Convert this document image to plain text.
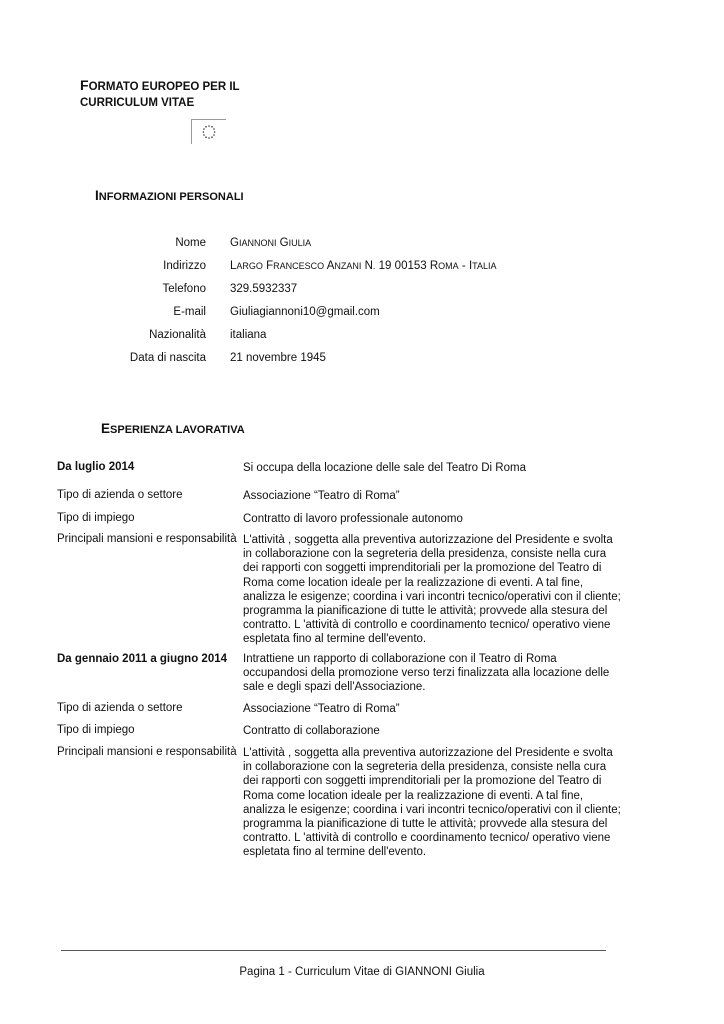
FORMATO EUROPEO PER IL
CURRICULUM VITAE
INFORMAZIONI PERSONALI
Nome GIANNONI GIULIA
Indirizzo LARGO FRANCESCO ANZANI N. 19 00153 ROMA - ITALIA
Telefono 329.5932337
E-mail Giuliagiannoni10@gmail.com
Nazionalità italiana
Data di nascita 21 novembre 1945
ESPERIENZA LAVORATIVA
Da luglio 2014	Si occupa della locazione delle sale del Teatro Di Roma
Tipo di azienda o settore	Associazione “Teatro di Roma”
Tipo di impiego	Contratto di lavoro professionale autonomo
Principali mansioni e responsabilità L'attività , soggetta alla preventiva autorizzazione del Presidente e svolta in collaborazione con la segreteria della presidenza, consiste nella cura dei rapporti con soggetti imprenditoriali per la promozione del Teatro di Roma come location ideale per la realizzazione di eventi. A tal fine, analizza le esigenze; coordina i vari incontri tecnico/operativi con il cliente; programma la pianificazione di tutte le attività; provvede alla stesura del contratto. L 'attività di controllo e coordinamento tecnico/ operativo viene espletata fino al termine dell'evento.
Da gennaio 2011 a giugno 2014 Intrattiene un rapporto di collaborazione con il Teatro di Roma occupandosi della promozione verso terzi finalizzata alla locazione delle sale e degli spazi dell'Associazione.
Tipo di azienda o settore	Associazione “Teatro di Roma”
Tipo di impiego	Contratto di collaborazione
Principali mansioni e responsabilità L'attività , soggetta alla preventiva autorizzazione del Presidente e svolta in collaborazione con la segreteria della presidenza, consiste nella cura dei rapporti con soggetti imprenditoriali per la promozione del Teatro di Roma come location ideale per la realizzazione di eventi. A tal fine, analizza le esigenze; coordina i vari incontri tecnico/operativi con il cliente; programma la pianificazione di tutte le attività; provvede alla stesura del contratto. L 'attività di controllo e coordinamento tecnico/ operativo viene espletata fino al termine dell'evento.
Pagina 1 - Curriculum Vitae di GIANNONI Giulia
